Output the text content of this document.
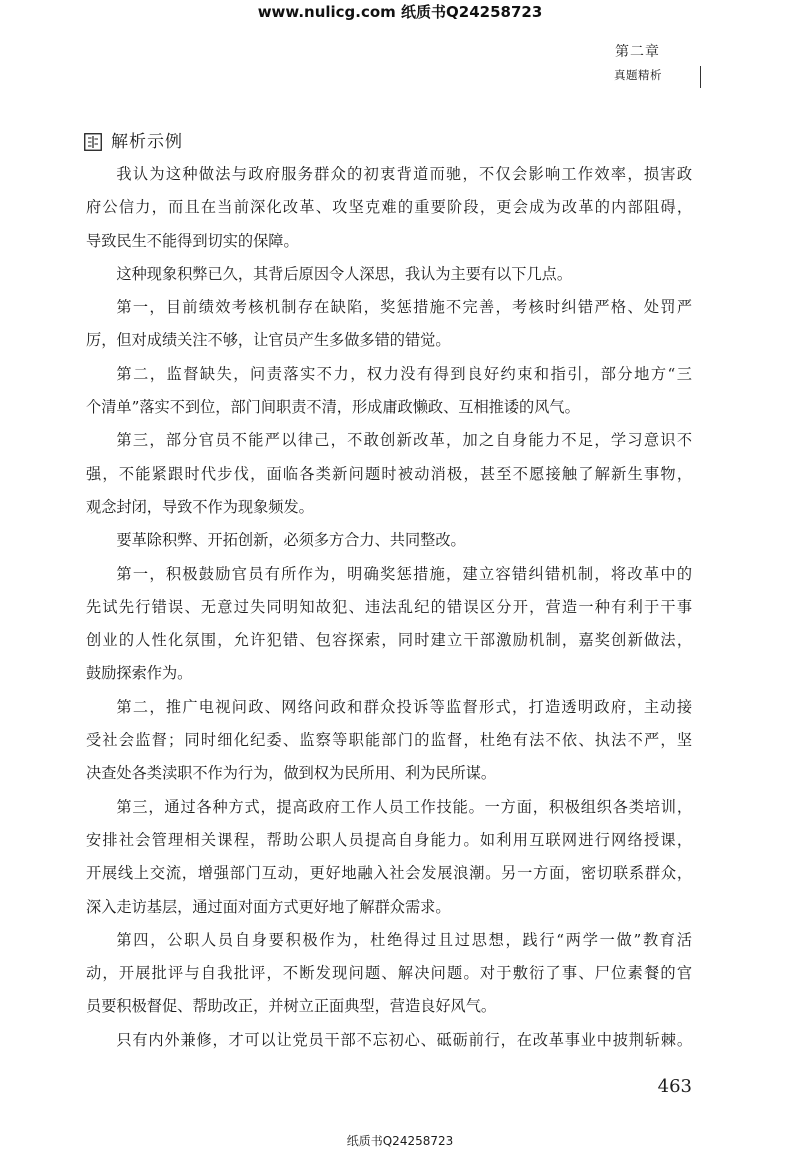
www.nulicg.com 纸质书Q24258723
第二章
真题精析
解析示例

我认为这种做法与政府服务群众的初衷背道而驰，不仅会影响工作效率，损害政
府公信力，而且在当前深化改革、攻坚克难的重要阶段，更会成为改革的内部阻碍，
导致民生不能得到切实的保障。

这种现象积弊已久，其背后原因令人深思，我认为主要有以下几点。

第一，目前绩效考核机制存在缺陷，奖惩措施不完善，考核时纠错严格、处罚严
厉，但对成绩关注不够，让官员产生多做多错的错觉。

第二，监督缺失，问责落实不力，权力没有得到良好约束和指引，部分地方“三
个清单”落实不到位，部门间职责不清，形成庸政懒政、互相推诿的风气。

第三，部分官员不能严以律己，不敢创新改革，加之自身能力不足，学习意识不
强，不能紧跟时代步伐，面临各类新问题时被动消极，甚至不愿接触了解新生事物，
观念封闭，导致不作为现象频发。

要革除积弊、开拓创新，必须多方合力、共同整改。

第一，积极鼓励官员有所作为，明确奖惩措施，建立容错纠错机制，将改革中的
先试先行错误、无意过失同明知故犯、违法乱纪的错误区分开，营造一种有利于干事
创业的人性化氛围，允许犯错、包容探索，同时建立干部激励机制，嘉奖创新做法，
鼓励探索作为。

第二，推广电视问政、网络问政和群众投诉等监督形式，打造透明政府，主动接
受社会监督；同时细化纪委、监察等职能部门的监督，杜绝有法不依、执法不严，坚
决查处各类渎职不作为行为，做到权为民所用、利为民所谋。

第三，通过各种方式，提高政府工作人员工作技能。一方面，积极组织各类培训，
安排社会管理相关课程，帮助公职人员提高自身能力。如利用互联网进行网络授课，
开展线上交流，增强部门互动，更好地融入社会发展浪潮。另一方面，密切联系群众，
深入走访基层，通过面对面方式更好地了解群众需求。

第四，公职人员自身要积极作为，杜绝得过且过思想，践行“两学一做”教育活
动，开展批评与自我批评，不断发现问题、解决问题。对于敷衍了事、尸位素餐的官
员要积极督促、帮助改正，并树立正面典型，营造良好风气。

只有内外兼修，才可以让党员干部不忘初心、砥砺前行，在改革事业中披荆斩棘。

463
纸质书Q24258723
